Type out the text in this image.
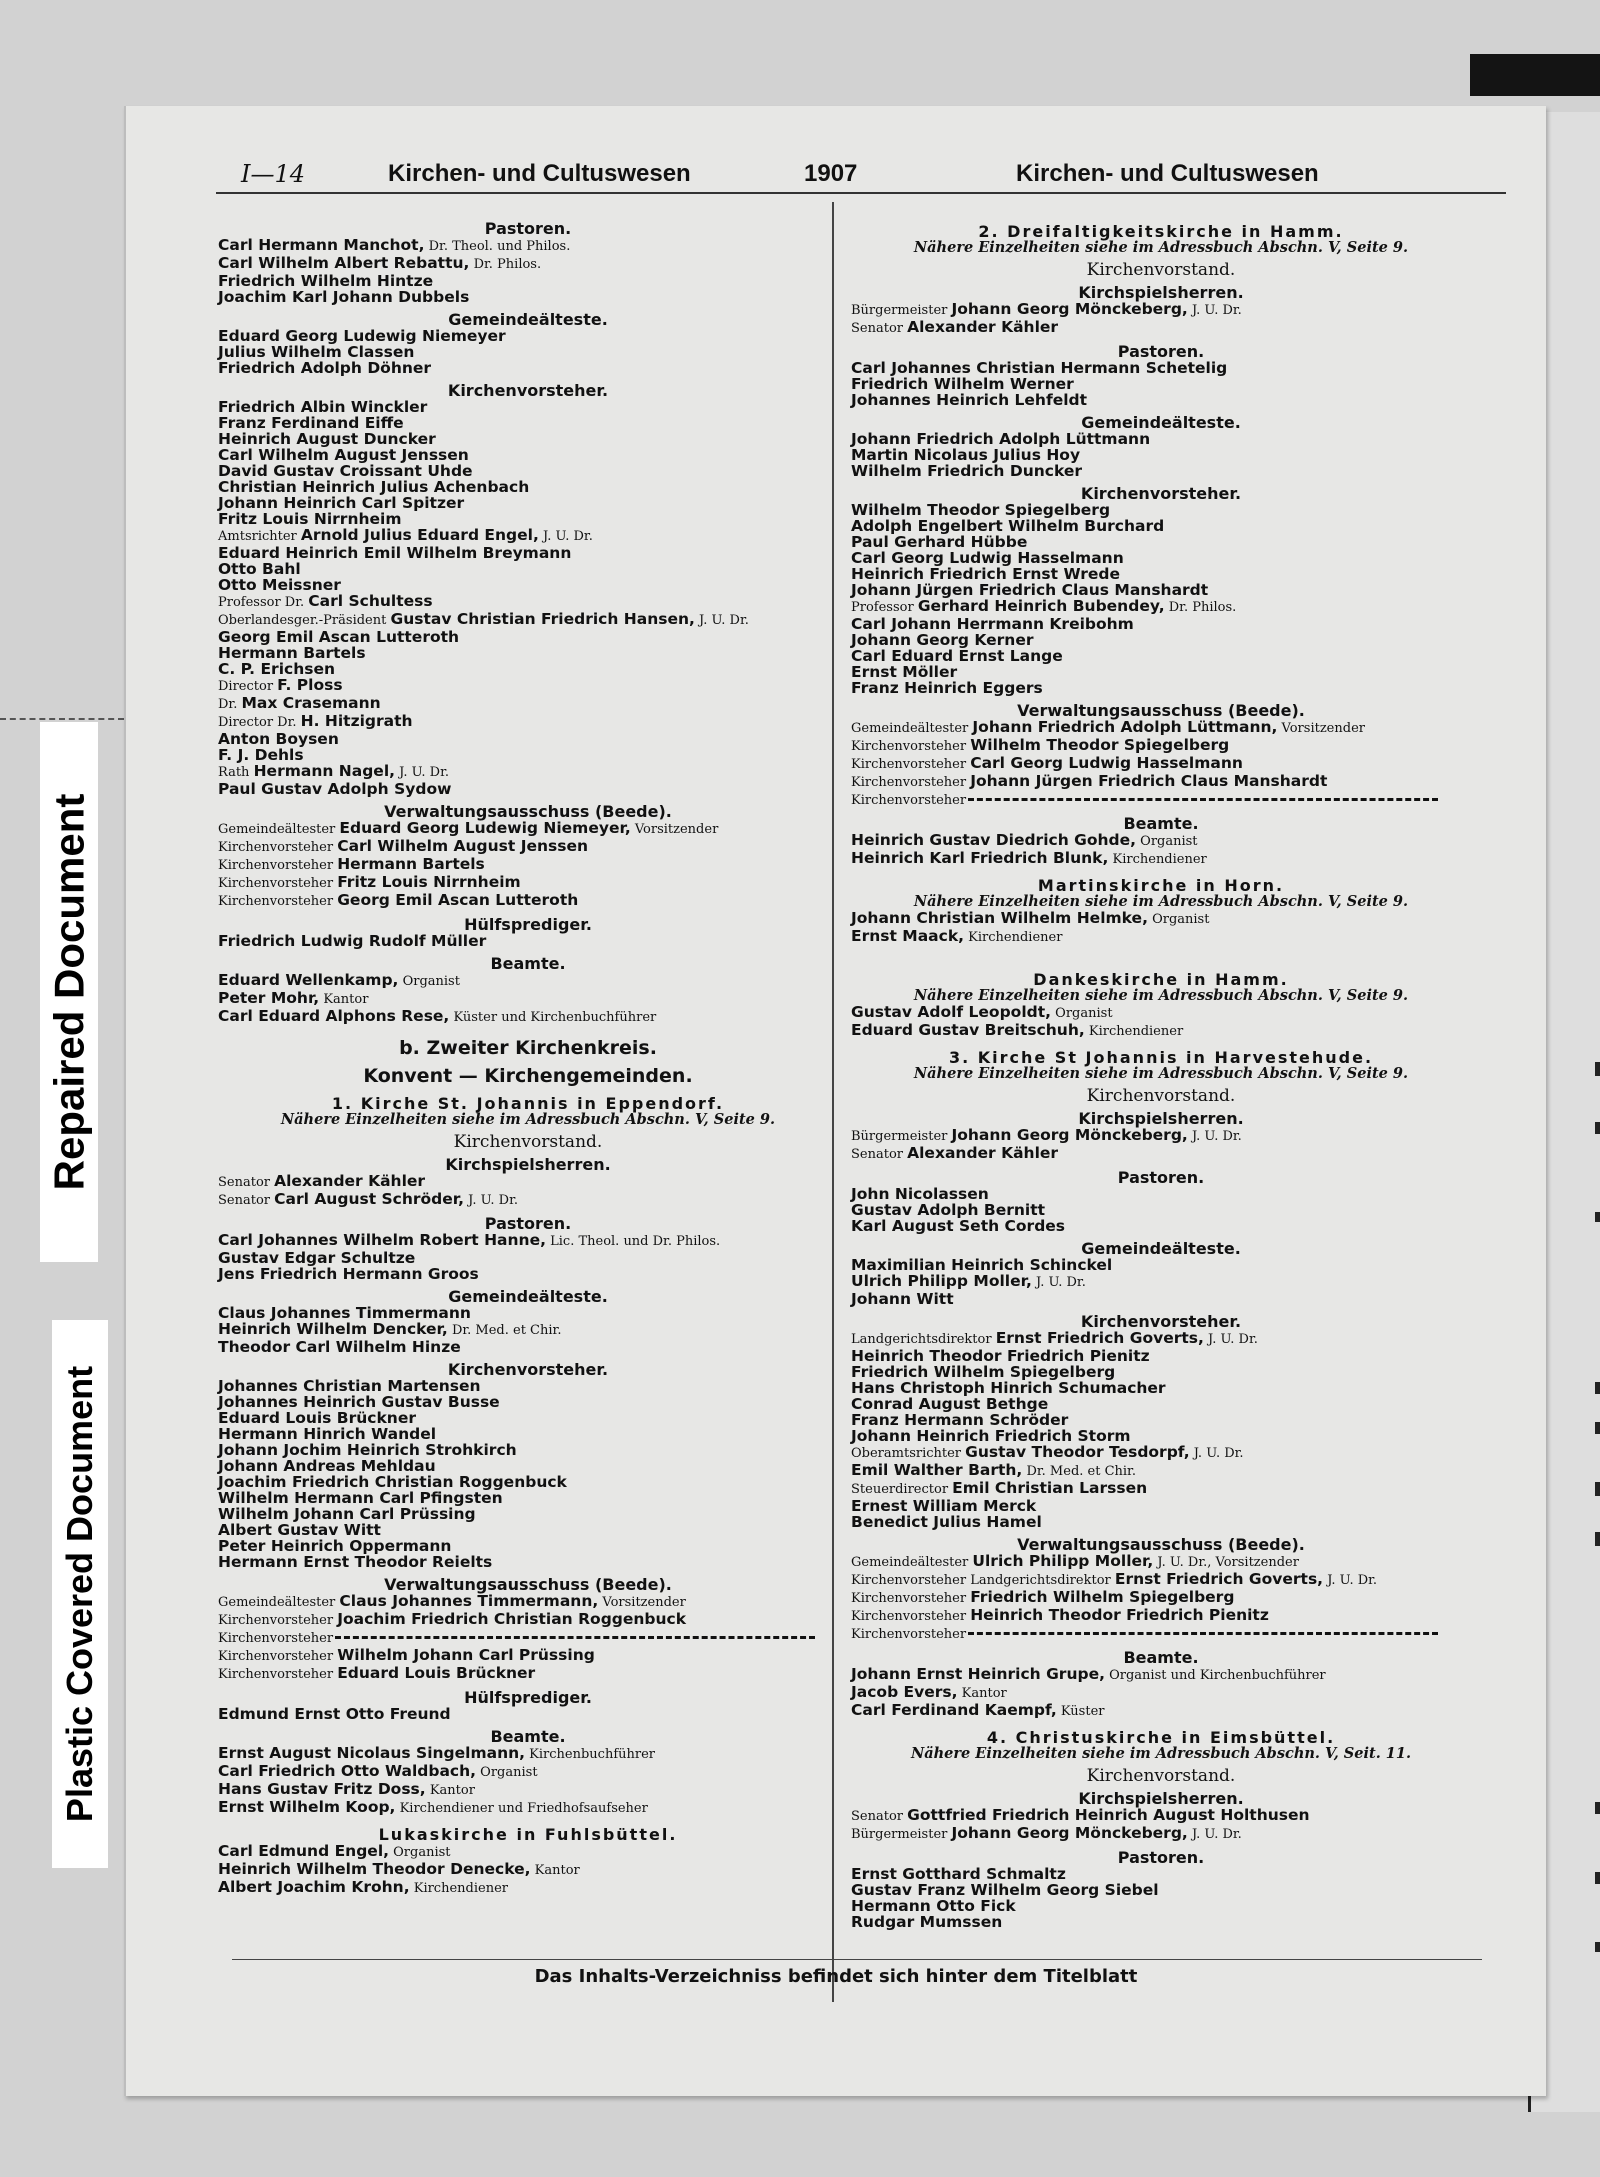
Repaired Document
Plastic Covered Document
I—14	Kirchen- und Cultuswesen	1907	Kirchen- und Cultuswesen
Pastoren.
Carl Hermann Manchot, Dr. Theol. und Philos.
Carl Wilhelm Albert Rebattu, Dr. Philos.
Friedrich Wilhelm Hintze
Joachim Karl Johann Dubbels
Gemeindeälteste.
Eduard Georg Ludewig Niemeyer
Julius Wilhelm Classen
Friedrich Adolph Döhner
Kirchenvorsteher.
Friedrich Albin Winckler
Franz Ferdinand Eiffe
Heinrich August Duncker
Carl Wilhelm August Jenssen
David Gustav Croissant Uhde
Christian Heinrich Julius Achenbach
Johann Heinrich Carl Spitzer
Fritz Louis Nirrnheim
Amtsrichter Arnold Julius Eduard Engel, J. U. Dr.
Eduard Heinrich Emil Wilhelm Breymann
Otto Bahl
Otto Meissner
Professor Dr. Carl Schultess
Oberlandesger.-Präsident Gustav Christian Friedrich Hansen, J. U. Dr.
Georg Emil Ascan Lutteroth
Hermann Bartels
C. P. Erichsen
Director F. Ploss
Dr. Max Crasemann
Director Dr. H. Hitzigrath
Anton Boysen
F. J. Dehls
Rath Hermann Nagel, J. U. Dr.
Paul Gustav Adolph Sydow
Verwaltungsausschuss (Beede).
Gemeindeältester Eduard Georg Ludewig Niemeyer, Vorsitzender
Kirchenvorsteher Carl Wilhelm August Jenssen
Kirchenvorsteher Hermann Bartels
Kirchenvorsteher Fritz Louis Nirrnheim
Kirchenvorsteher Georg Emil Ascan Lutteroth
Hülfsprediger.
Friedrich Ludwig Rudolf Müller
Beamte.
Eduard Wellenkamp, Organist
Peter Mohr, Kantor
Carl Eduard Alphons Rese, Küster und Kirchenbuchführer
b. Zweiter Kirchenkreis.
Konvent — Kirchengemeinden.
1. Kirche St. Johannis in Eppendorf.
Nähere Einzelheiten siehe im Adressbuch Abschn. V, Seite 9.
Kirchenvorstand.
Kirchspielsherren.
Senator Alexander Kähler
Senator Carl August Schröder, J. U. Dr.
Pastoren.
Carl Johannes Wilhelm Robert Hanne, Lic. Theol. und Dr. Philos.
Gustav Edgar Schultze
Jens Friedrich Hermann Groos
Gemeindeälteste.
Claus Johannes Timmermann
Heinrich Wilhelm Dencker, Dr. Med. et Chir.
Theodor Carl Wilhelm Hinze
Kirchenvorsteher.
Johannes Christian Martensen
Johannes Heinrich Gustav Busse
Eduard Louis Brückner
Hermann Hinrich Wandel
Johann Jochim Heinrich Strohkirch
Johann Andreas Mehldau
Joachim Friedrich Christian Roggenbuck
Wilhelm Hermann Carl Pfingsten
Wilhelm Johann Carl Prüssing
Albert Gustav Witt
Peter Heinrich Oppermann
Hermann Ernst Theodor Reielts
Verwaltungsausschuss (Beede).
Gemeindeältester Claus Johannes Timmermann, Vorsitzender
Kirchenvorsteher Joachim Friedrich Christian Roggenbuck
Kirchenvorsteher
Kirchenvorsteher Wilhelm Johann Carl Prüssing
Kirchenvorsteher Eduard Louis Brückner
Hülfsprediger.
Edmund Ernst Otto Freund
Beamte.
Ernst August Nicolaus Singelmann, Kirchenbuchführer
Carl Friedrich Otto Waldbach, Organist
Hans Gustav Fritz Doss, Kantor
Ernst Wilhelm Koop, Kirchendiener und Friedhofsaufseher
Lukaskirche in Fuhlsbüttel.
Carl Edmund Engel, Organist
Heinrich Wilhelm Theodor Denecke, Kantor
Albert Joachim Krohn, Kirchendiener
2. Dreifaltigkeitskirche in Hamm.
Nähere Einzelheiten siehe im Adressbuch Abschn. V, Seite 9.
Kirchenvorstand.
Kirchspielsherren.
Bürgermeister Johann Georg Mönckeberg, J. U. Dr.
Senator Alexander Kähler
Pastoren.
Carl Johannes Christian Hermann Schetelig
Friedrich Wilhelm Werner
Johannes Heinrich Lehfeldt
Gemeindeälteste.
Johann Friedrich Adolph Lüttmann
Martin Nicolaus Julius Hoy
Wilhelm Friedrich Duncker
Kirchenvorsteher.
Wilhelm Theodor Spiegelberg
Adolph Engelbert Wilhelm Burchard
Paul Gerhard Hübbe
Carl Georg Ludwig Hasselmann
Heinrich Friedrich Ernst Wrede
Johann Jürgen Friedrich Claus Manshardt
Professor Gerhard Heinrich Bubendey, Dr. Philos.
Carl Johann Herrmann Kreibohm
Johann Georg Kerner
Carl Eduard Ernst Lange
Ernst Möller
Franz Heinrich Eggers
Verwaltungsausschuss (Beede).
Gemeindeältester Johann Friedrich Adolph Lüttmann, Vorsitzender
Kirchenvorsteher Wilhelm Theodor Spiegelberg
Kirchenvorsteher Carl Georg Ludwig Hasselmann
Kirchenvorsteher Johann Jürgen Friedrich Claus Manshardt
Kirchenvorsteher
Beamte.
Heinrich Gustav Diedrich Gohde, Organist
Heinrich Karl Friedrich Blunk, Kirchendiener
Martinskirche in Horn.
Nähere Einzelheiten siehe im Adressbuch Abschn. V, Seite 9.
Johann Christian Wilhelm Helmke, Organist
Ernst Maack, Kirchendiener
Dankeskirche in Hamm.
Nähere Einzelheiten siehe im Adressbuch Abschn. V, Seite 9.
Gustav Adolf Leopoldt, Organist
Eduard Gustav Breitschuh, Kirchendiener
3. Kirche St Johannis in Harvestehude.
Nähere Einzelheiten siehe im Adressbuch Abschn. V, Seite 9.
Kirchenvorstand.
Kirchspielsherren.
Bürgermeister Johann Georg Mönckeberg, J. U. Dr.
Senator Alexander Kähler
Pastoren.
John Nicolassen
Gustav Adolph Bernitt
Karl August Seth Cordes
Gemeindeälteste.
Maximilian Heinrich Schinckel
Ulrich Philipp Moller, J. U. Dr.
Johann Witt
Kirchenvorsteher.
Landgerichtsdirektor Ernst Friedrich Goverts, J. U. Dr.
Heinrich Theodor Friedrich Pienitz
Friedrich Wilhelm Spiegelberg
Hans Christoph Hinrich Schumacher
Conrad August Bethge
Franz Hermann Schröder
Johann Heinrich Friedrich Storm
Oberamtsrichter Gustav Theodor Tesdorpf, J. U. Dr.
Emil Walther Barth, Dr. Med. et Chir.
Steuerdirector Emil Christian Larssen
Ernest William Merck
Benedict Julius Hamel
Verwaltungsausschuss (Beede).
Gemeindeältester Ulrich Philipp Moller, J. U. Dr., Vorsitzender
Kirchenvorsteher Landgerichtsdirektor Ernst Friedrich Goverts, J. U. Dr.
Kirchenvorsteher Friedrich Wilhelm Spiegelberg
Kirchenvorsteher Heinrich Theodor Friedrich Pienitz
Kirchenvorsteher
Beamte.
Johann Ernst Heinrich Grupe, Organist und Kirchenbuchführer
Jacob Evers, Kantor
Carl Ferdinand Kaempf, Küster
4. Christuskirche in Eimsbüttel.
Nähere Einzelheiten siehe im Adressbuch Abschn. V, Seit. 11.
Kirchenvorstand.
Kirchspielsherren.
Senator Gottfried Friedrich Heinrich August Holthusen
Bürgermeister Johann Georg Mönckeberg, J. U. Dr.
Pastoren.
Ernst Gotthard Schmaltz
Gustav Franz Wilhelm Georg Siebel
Hermann Otto Fick
Rudgar Mumssen
Das Inhalts-Verzeichniss befindet sich hinter dem Titelblatt
